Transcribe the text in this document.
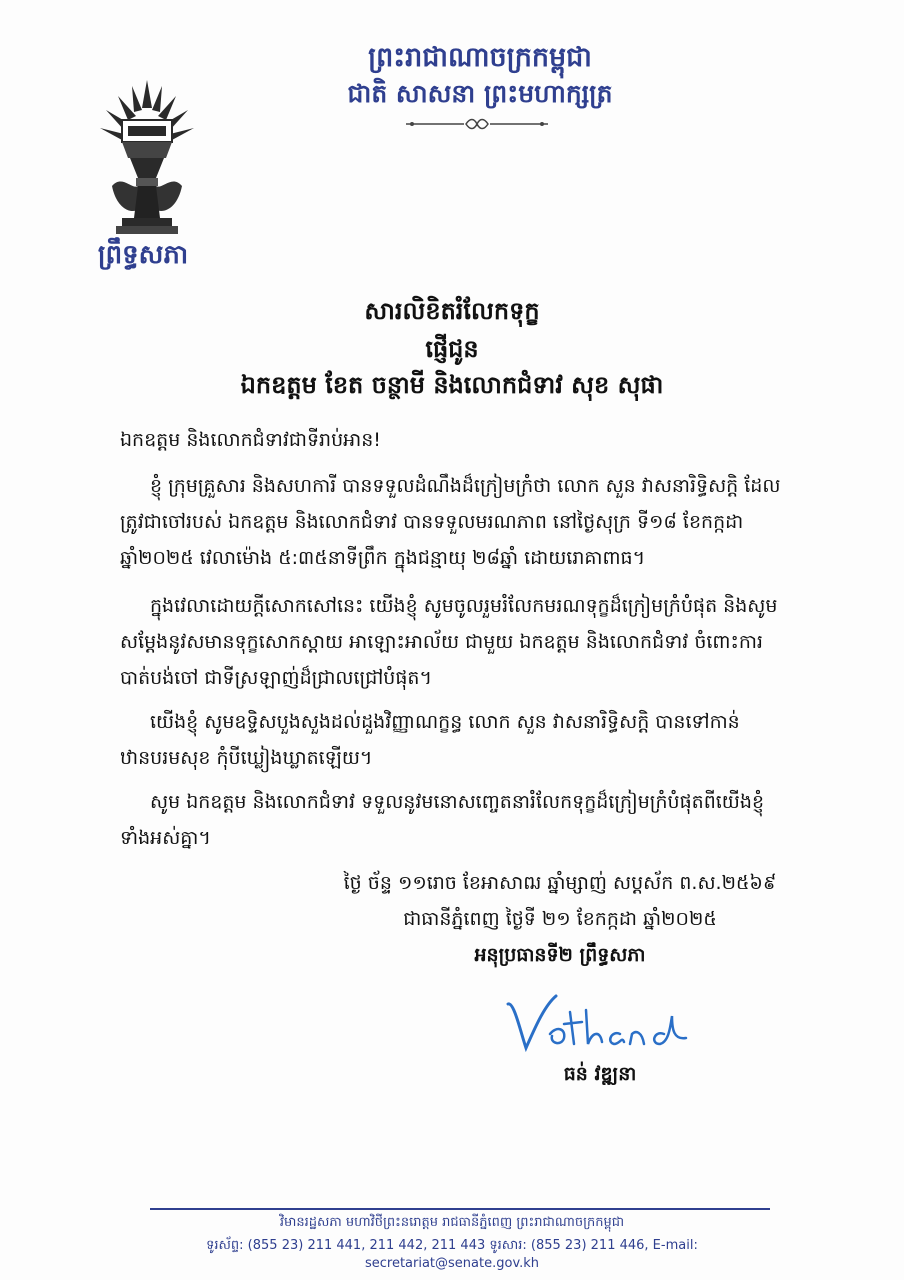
ព្រឹទ្ធសភា
ព្រះរាជាណាចក្រកម្ពុជា
ជាតិ សាសនា ព្រះមហាក្សត្រ
សារលិខិតរំលែកទុក្ខ
ផ្ញើជូន
ឯកឧត្តម ខែត ចន្ថាមី និងលោកជំទាវ សុខ សុផា
ឯកឧត្តម និងលោកជំទាវជាទីរាប់អាន!
ខ្ញុំ ក្រុមគ្រួសារ និងសហការី បានទទួលដំណឹងដ៏ក្រៀមក្រំថា លោក សួន វាសនារិទ្ធិសក្តិ ដែលត្រូវជាចៅរបស់ ឯកឧត្តម និងលោកជំទាវ បានទទួលមរណភាព នៅថ្ងៃសុក្រ ទី១៨ ខែកក្កដា ឆ្នាំ២០២៥ វេលាម៉ោង ៥:៣៥នាទីព្រឹក ក្នុងជន្មាយុ ២៨ឆ្នាំ ដោយរោគាពាធ។
ក្នុងវេលាដោយក្តីសោកសៅនេះ យើងខ្ញុំ សូមចូលរួមរំលែកមរណទុក្ខដ៏ក្រៀមក្រំបំផុត និងសូមសម្តែងនូវសមានទុក្ខសោកស្តាយ អាឡោះអាល័យ ជាមួយ ឯកឧត្តម និងលោកជំទាវ ចំពោះការបាត់បង់ចៅ ជាទីស្រឡាញ់ដ៏ជ្រាលជ្រៅបំផុត។
យើងខ្ញុំ សូមឧទ្ទិសបួងសួងដល់ដួងវិញ្ញាណក្ខន្ធ លោក សួន វាសនារិទ្ធិសក្តិ បានទៅកាន់ឋានបរមសុខ កុំបីឃ្លៀងឃ្លាតឡើយ។
សូម ឯកឧត្តម និងលោកជំទាវ ទទួលនូវមនោសញ្ចេតនារំលែកទុក្ខដ៏ក្រៀមក្រំបំផុតពីយើងខ្ញុំទាំងអស់គ្នា។
ថ្ងៃ ច័ន្ទ ១១រោច ខែអាសាឍ ឆ្នាំម្សាញ់ សប្តស័ក ព.ស.២៥៦៩
ជាធានីភ្នំពេញ ថ្ងៃទី ២១ ខែកក្កដា ឆ្នាំ២០២៥
អនុប្រធានទី២ ព្រឹទ្ធសភា
ធន់ វឌ្ឍនា
វិមានរដ្ឋសភា មហាវិថីព្រះនរោត្តម រាជធានីភ្នំពេញ ព្រះរាជាណាចក្រកម្ពុជា
ទូរស័ព្ទ: (855 23) 211 441, 211 442, 211 443 ទូរសារ: (855 23) 211 446, E-mail: secretariat@senate.gov.kh
